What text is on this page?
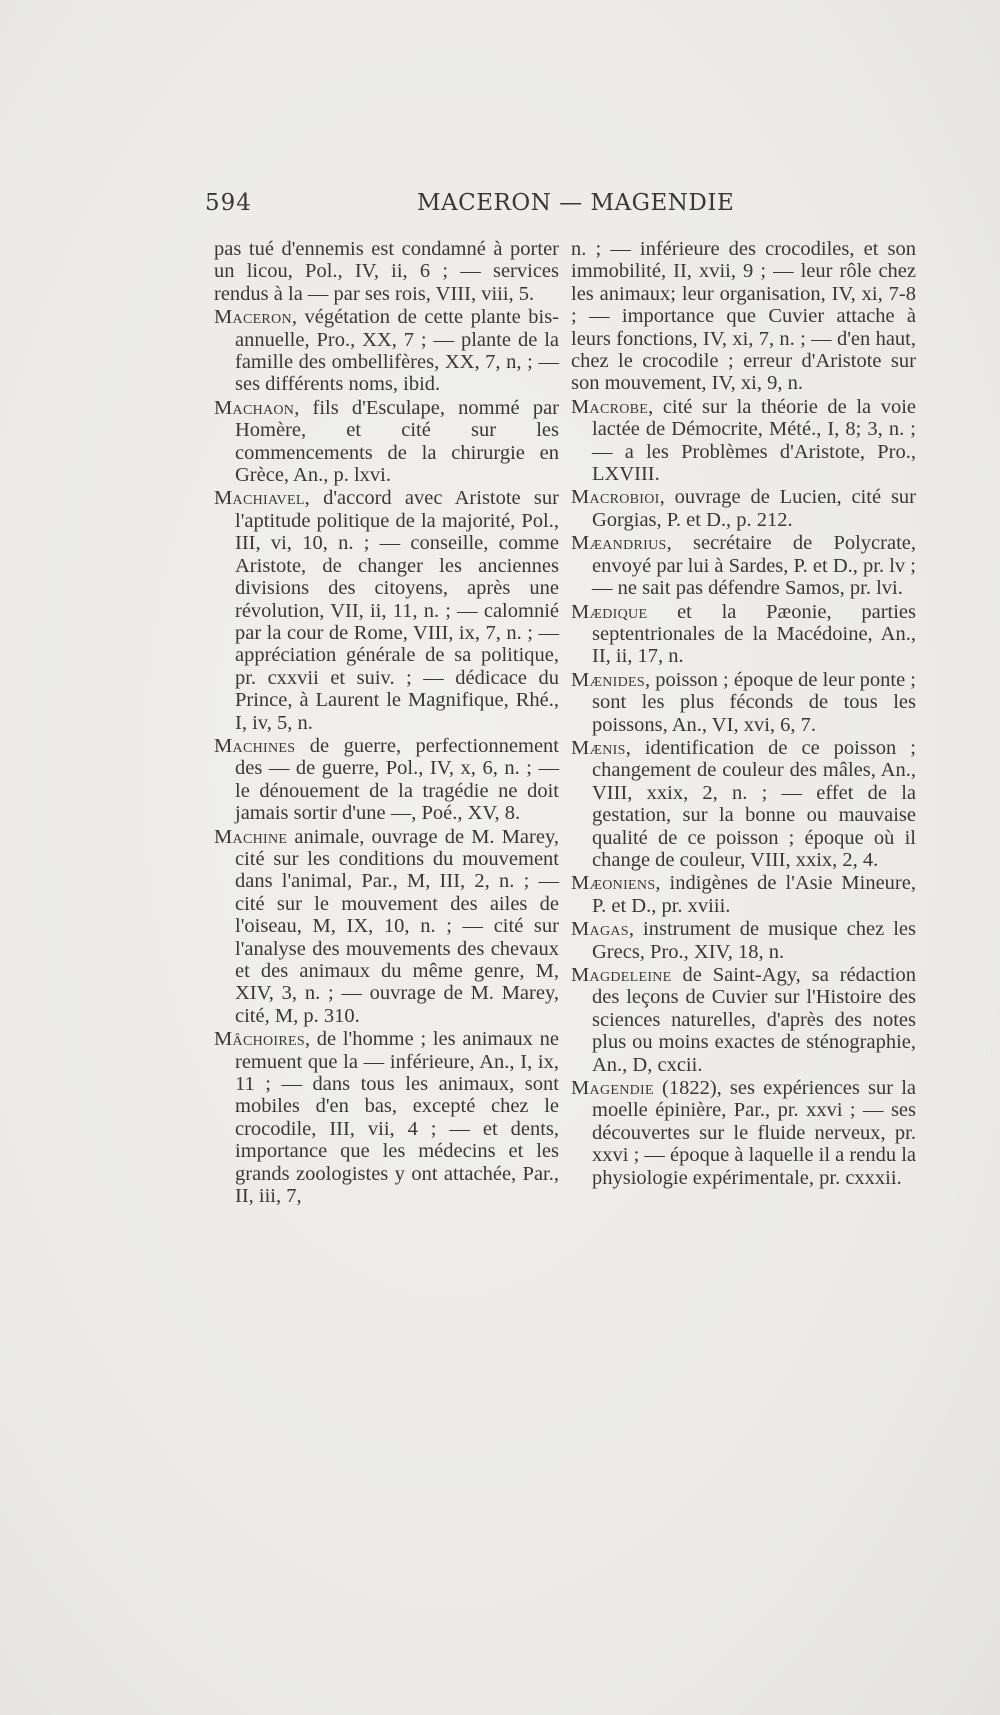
594	MACERON — MAGENDIE

pas tué d'ennemis est condamné à porter un licou, Pol., IV, ii, 6 ; — services rendus à la — par ses rois, VIII, viii, 5.

Maceron, végétation de cette plante bis-annuelle, Pro., XX, 7 ; — plante de la famille des ombellifères, XX, 7, n, ; — ses différents noms, ibid.

Machaon, fils d'Esculape, nommé par Homère, et cité sur les commencements de la chirurgie en Grèce, An., p. lxvi.

Machiavel, d'accord avec Aristote sur l'aptitude politique de la majorité, Pol., III, vi, 10, n. ; — conseille, comme Aristote, de changer les anciennes divisions des citoyens, après une révolution, VII, ii, 11, n. ; — calomnié par la cour de Rome, VIII, ix, 7, n. ; — appréciation générale de sa politique, pr. cxxvii et suiv. ; — dédicace du Prince, à Laurent le Magnifique, Rhé., I, iv, 5, n.

Machines de guerre, perfectionnement des — de guerre, Pol., IV, x, 6, n. ; — le dénouement de la tragédie ne doit jamais sortir d'une —, Poé., XV, 8.

Machine animale, ouvrage de M. Marey, cité sur les conditions du mouvement dans l'animal, Par., M, III, 2, n. ; — cité sur le mouvement des ailes de l'oiseau, M, IX, 10, n. ; — cité sur l'analyse des mouvements des chevaux et des animaux du même genre, M, XIV, 3, n. ; — ouvrage de M. Marey, cité, M, p. 310.

Mâchoires, de l'homme ; les animaux ne remuent que la — inférieure, An., I, ix, 11 ; — dans tous les animaux, sont mobiles d'en bas, excepté chez le crocodile, III, vii, 4 ; — et dents, importance que les médecins et les grands zoologistes y ont attachée, Par., II, iii, 7,

n. ; — inférieure des crocodiles, et son immobilité, II, xvii, 9 ; — leur rôle chez les animaux; leur organisation, IV, xi, 7-8 ; — importance que Cuvier attache à leurs fonctions, IV, xi, 7, n. ; — d'en haut, chez le crocodile ; erreur d'Aristote sur son mouvement, IV, xi, 9, n.

Macrobe, cité sur la théorie de la voie lactée de Démocrite, Mété., I, 8; 3, n. ; — a les Problèmes d'Aristote, Pro., LXVIII.

Macrobioi, ouvrage de Lucien, cité sur Gorgias, P. et D., p. 212.

Mæandrius, secrétaire de Polycrate, envoyé par lui à Sardes, P. et D., pr. lv ; — ne sait pas défendre Samos, pr. lvi.

Mædique et la Pæonie, parties septentrionales de la Macédoine, An., II, ii, 17, n.

Mænides, poisson ; époque de leur ponte ; sont les plus féconds de tous les poissons, An., VI, xvi, 6, 7.

Mænis, identification de ce poisson ; changement de couleur des mâles, An., VIII, xxix, 2, n. ; — effet de la gestation, sur la bonne ou mauvaise qualité de ce poisson ; époque où il change de couleur, VIII, xxix, 2, 4.

Mæoniens, indigènes de l'Asie Mineure, P. et D., pr. xviii.

Magas, instrument de musique chez les Grecs, Pro., XIV, 18, n.

Magdeleine de Saint-Agy, sa rédaction des leçons de Cuvier sur l'Histoire des sciences naturelles, d'après des notes plus ou moins exactes de sténographie, An., D, cxcii.

Magendie (1822), ses expériences sur la moelle épinière, Par., pr. xxvi ; — ses découvertes sur le fluide nerveux, pr. xxvi ; — époque à laquelle il a rendu la physiologie expérimentale, pr. cxxxii.
